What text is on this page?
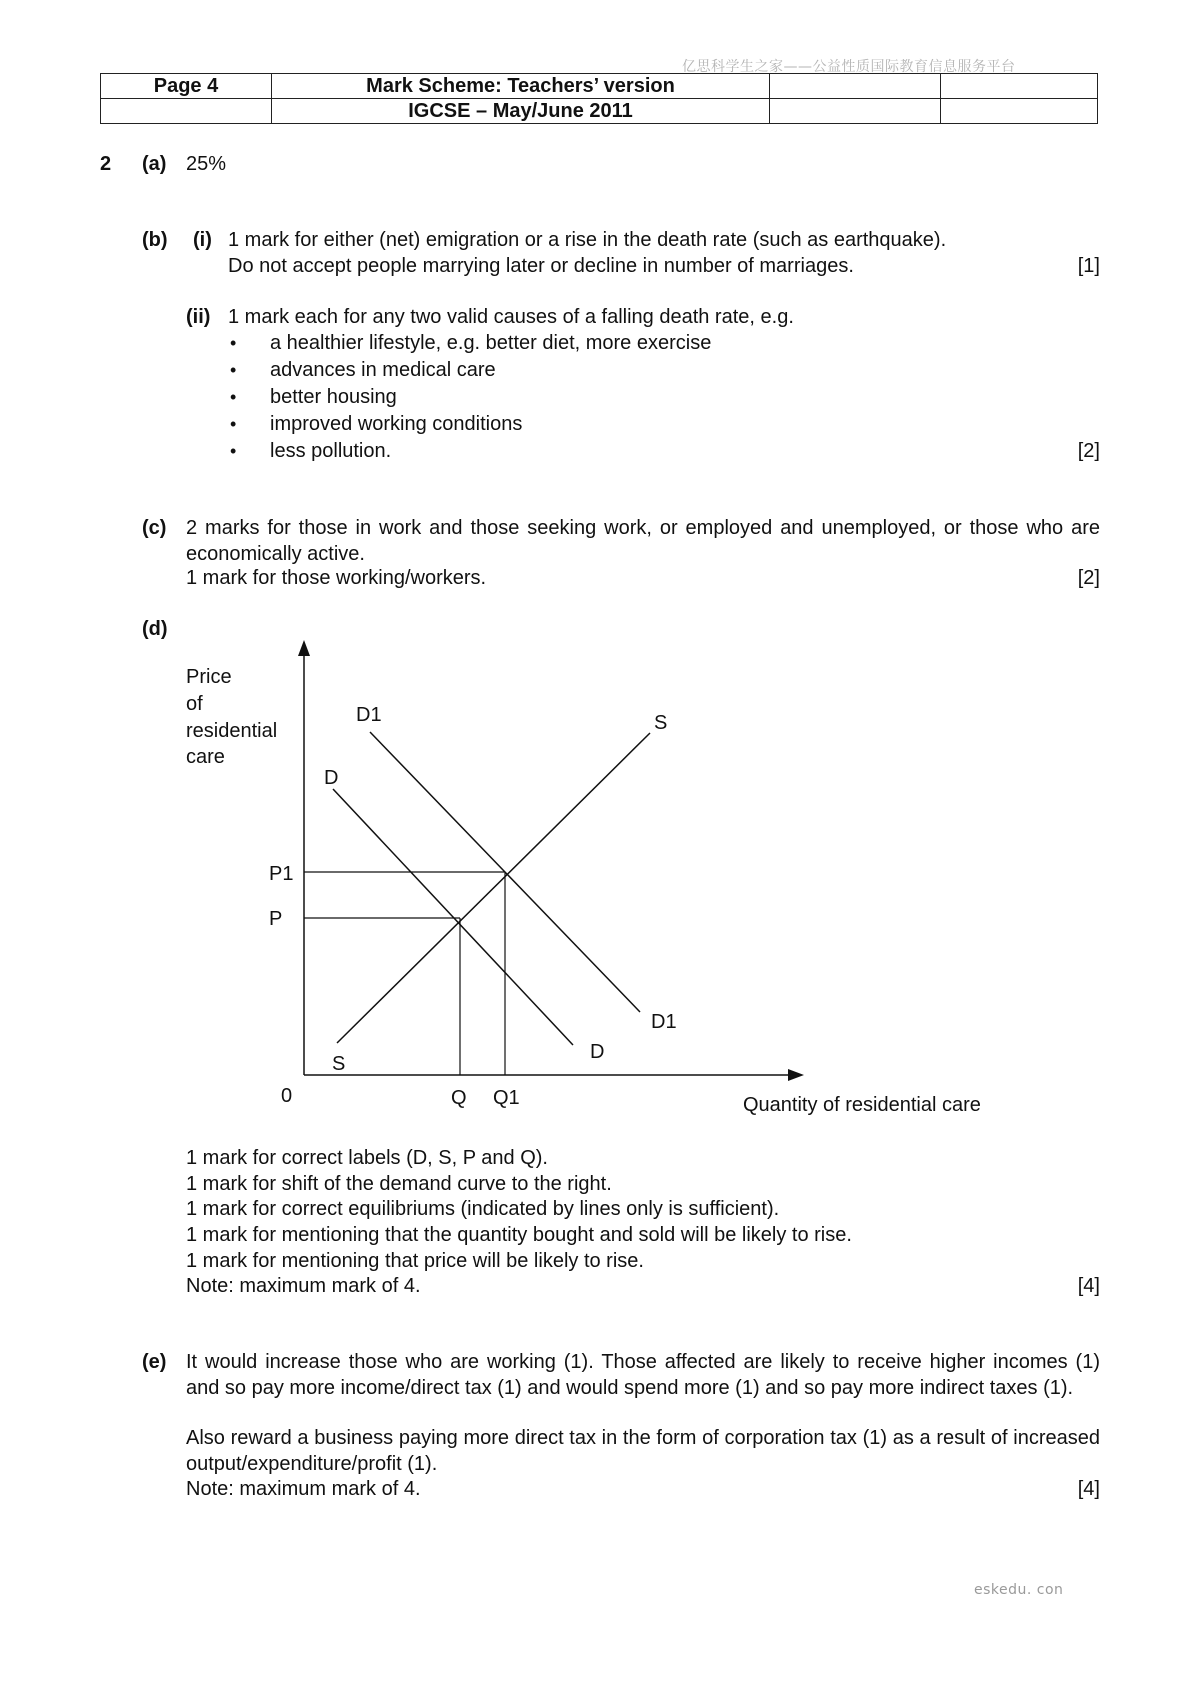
亿思科学生之家——公益性质国际教育信息服务平台
Page 4	Mark Scheme: Teachers’ version		
	IGCSE – May/June 2011		
2 (a) 25%
(b) (i) 1 mark for either (net) emigration or a rise in the death rate (such as earthquake).
Do not accept people marrying later or decline in number of marriages.	[1]
(ii) 1 mark each for any two valid causes of a falling death rate, e.g.
• a healthier lifestyle, e.g. better diet, more exercise
• advances in medical care
• better housing
• improved working conditions
• less pollution.	[2]
(c) 2 marks for those in work and those seeking work, or employed and unemployed, or those who are economically active.
1 mark for those working/workers.	[2]
(d)
Price
of
residential
care
D1
D
S
D1
D
S
P1
P
0	Q Q1	Quantity of residential care
1 mark for correct labels (D, S, P and Q).
1 mark for shift of the demand curve to the right.
1 mark for correct equilibriums (indicated by lines only is sufficient).
1 mark for mentioning that the quantity bought and sold will be likely to rise.
1 mark for mentioning that price will be likely to rise.
Note: maximum mark of 4.	[4]
(e) It would increase those who are working (1). Those affected are likely to receive higher incomes (1) and so pay more income/direct tax (1) and would spend more (1) and so pay more indirect taxes (1).
Also reward a business paying more direct tax in the form of corporation tax (1) as a result of increased output/expenditure/profit (1).
Note: maximum mark of 4.	[4]
eskedu. con
